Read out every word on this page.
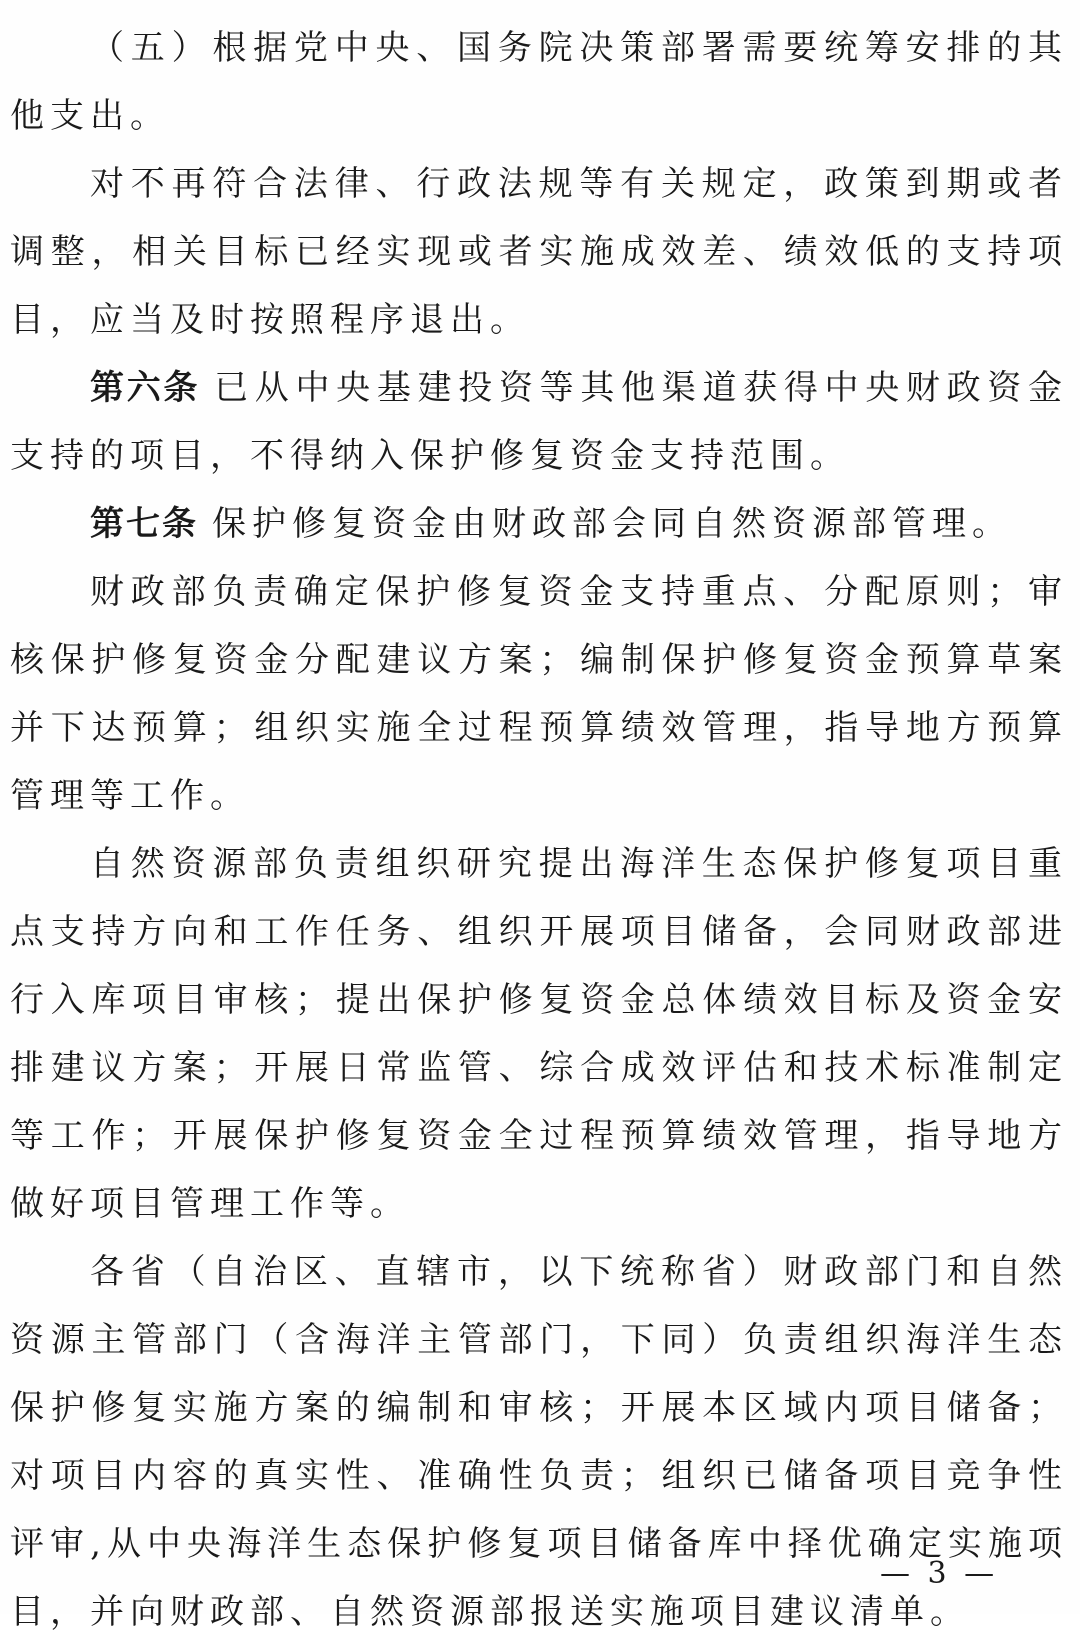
（五）根据党中央、国务院决策部署需要统筹安排的其他支出。

对不再符合法律、行政法规等有关规定，政策到期或者调整，相关目标已经实现或者实施成效差、绩效低的支持项目，应当及时按照程序退出。

第六条 已从中央基建投资等其他渠道获得中央财政资金支持的项目，不得纳入保护修复资金支持范围。

第七条 保护修复资金由财政部会同自然资源部管理。

财政部负责确定保护修复资金支持重点、分配原则；审核保护修复资金分配建议方案；编制保护修复资金预算草案并下达预算；组织实施全过程预算绩效管理，指导地方预算管理等工作。

自然资源部负责组织研究提出海洋生态保护修复项目重点支持方向和工作任务、组织开展项目储备，会同财政部进行入库项目审核；提出保护修复资金总体绩效目标及资金安排建议方案；开展日常监管、综合成效评估和技术标准制定等工作；开展保护修复资金全过程预算绩效管理，指导地方做好项目管理工作等。

各省（自治区、直辖市，以下统称省）财政部门和自然资源主管部门（含海洋主管部门，下同）负责组织海洋生态保护修复实施方案的编制和审核；开展本区域内项目储备；对项目内容的真实性、准确性负责；组织已储备项目竞争性评审,从中央海洋生态保护修复项目储备库中择优确定实施项目，并向财政部、自然资源部报送实施项目建议清单。

— 3 —
